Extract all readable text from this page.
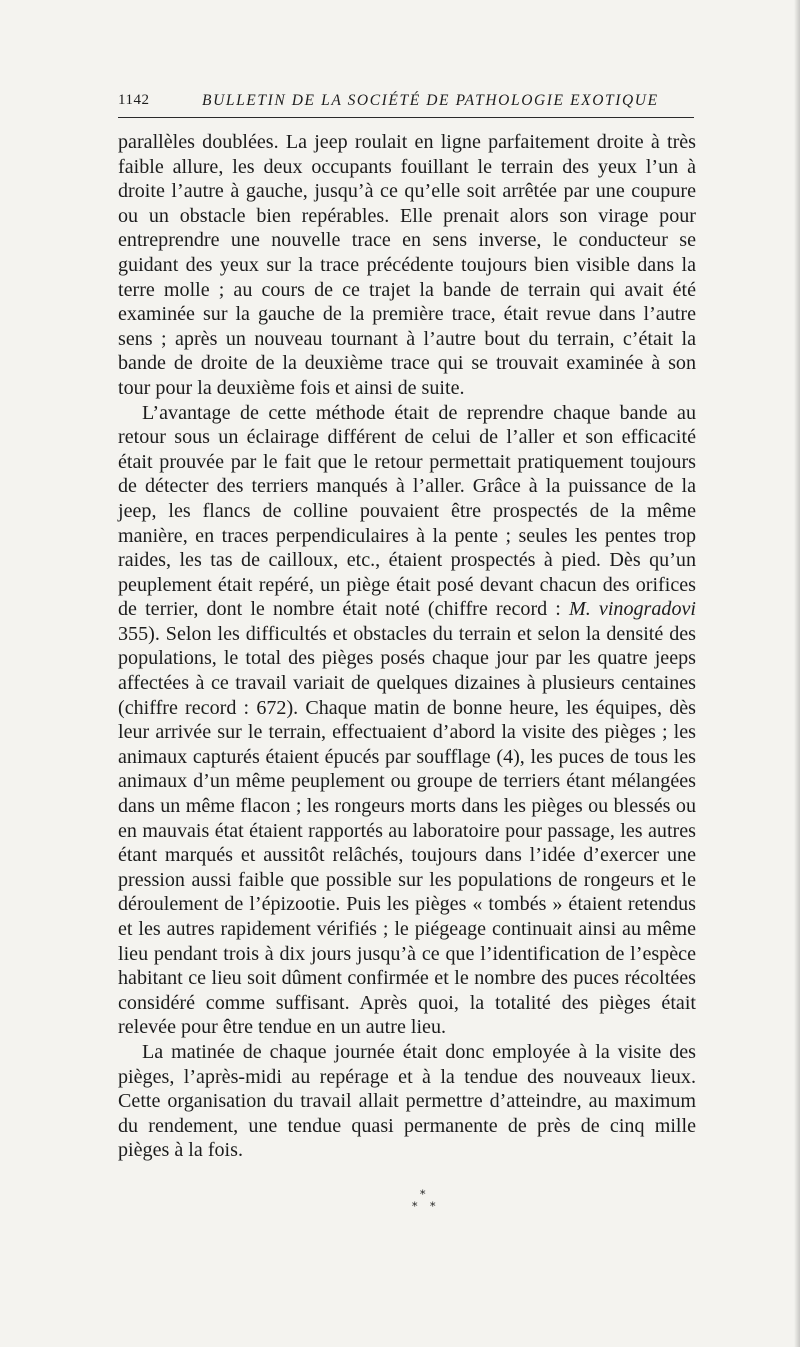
1142	BULLETIN DE LA SOCIÉTÉ DE PATHOLOGIE EXOTIQUE

parallèles doublées. La jeep roulait en ligne parfaitement droite à très faible allure, les deux occupants fouillant le terrain des yeux l’un à droite l’autre à gauche, jusqu’à ce qu’elle soit arrêtée par une coupure ou un obstacle bien repérables. Elle prenait alors son virage pour entreprendre une nouvelle trace en sens inverse, le conducteur se guidant des yeux sur la trace précédente toujours bien visible dans la terre molle ; au cours de ce trajet la bande de terrain qui avait été examinée sur la gauche de la première trace, était revue dans l’autre sens ; après un nouveau tournant à l’autre bout du terrain, c’était la bande de droite de la deuxième trace qui se trouvait examinée à son tour pour la deuxième fois et ainsi de suite.

L’avantage de cette méthode était de reprendre chaque bande au retour sous un éclairage différent de celui de l’aller et son efficacité était prouvée par le fait que le retour permettait pratiquement toujours de détecter des terriers manqués à l’aller. Grâce à la puissance de la jeep, les flancs de colline pouvaient être prospectés de la même manière, en traces perpendiculaires à la pente ; seules les pentes trop raides, les tas de cailloux, etc., étaient prospectés à pied. Dès qu’un peuplement était repéré, un piège était posé devant chacun des orifices de terrier, dont le nombre était noté (chiffre record : M. vinogradovi 355). Selon les difficultés et obstacles du terrain et selon la densité des populations, le total des pièges posés chaque jour par les quatre jeeps affectées à ce travail variait de quelques dizaines à plusieurs centaines (chiffre record : 672). Chaque matin de bonne heure, les équipes, dès leur arrivée sur le terrain, effectuaient d’abord la visite des pièges ; les animaux capturés étaient épucés par soufflage (4), les puces de tous les animaux d’un même peuplement ou groupe de terriers étant mélangées dans un même flacon ; les rongeurs morts dans les pièges ou blessés ou en mauvais état étaient rapportés au laboratoire pour passage, les autres étant marqués et aussitôt relâchés, toujours dans l’idée d’exercer une pression aussi faible que possible sur les populations de rongeurs et le déroulement de l’épizootie. Puis les pièges « tombés » étaient retendus et les autres rapidement vérifiés ; le piégeage continuait ainsi au même lieu pendant trois à dix jours jusqu’à ce que l’identification de l’espèce habitant ce lieu soit dûment confirmée et le nombre des puces récoltées considéré comme suffisant. Après quoi, la totalité des pièges était relevée pour être tendue en un autre lieu.

La matinée de chaque journée était donc employée à la visite des pièges, l’après-midi au repérage et à la tendue des nouveaux lieux. Cette organisation du travail allait permettre d’atteindre, au maximum du rendement, une tendue quasi permanente de près de cinq mille pièges à la fois.

*
* *
